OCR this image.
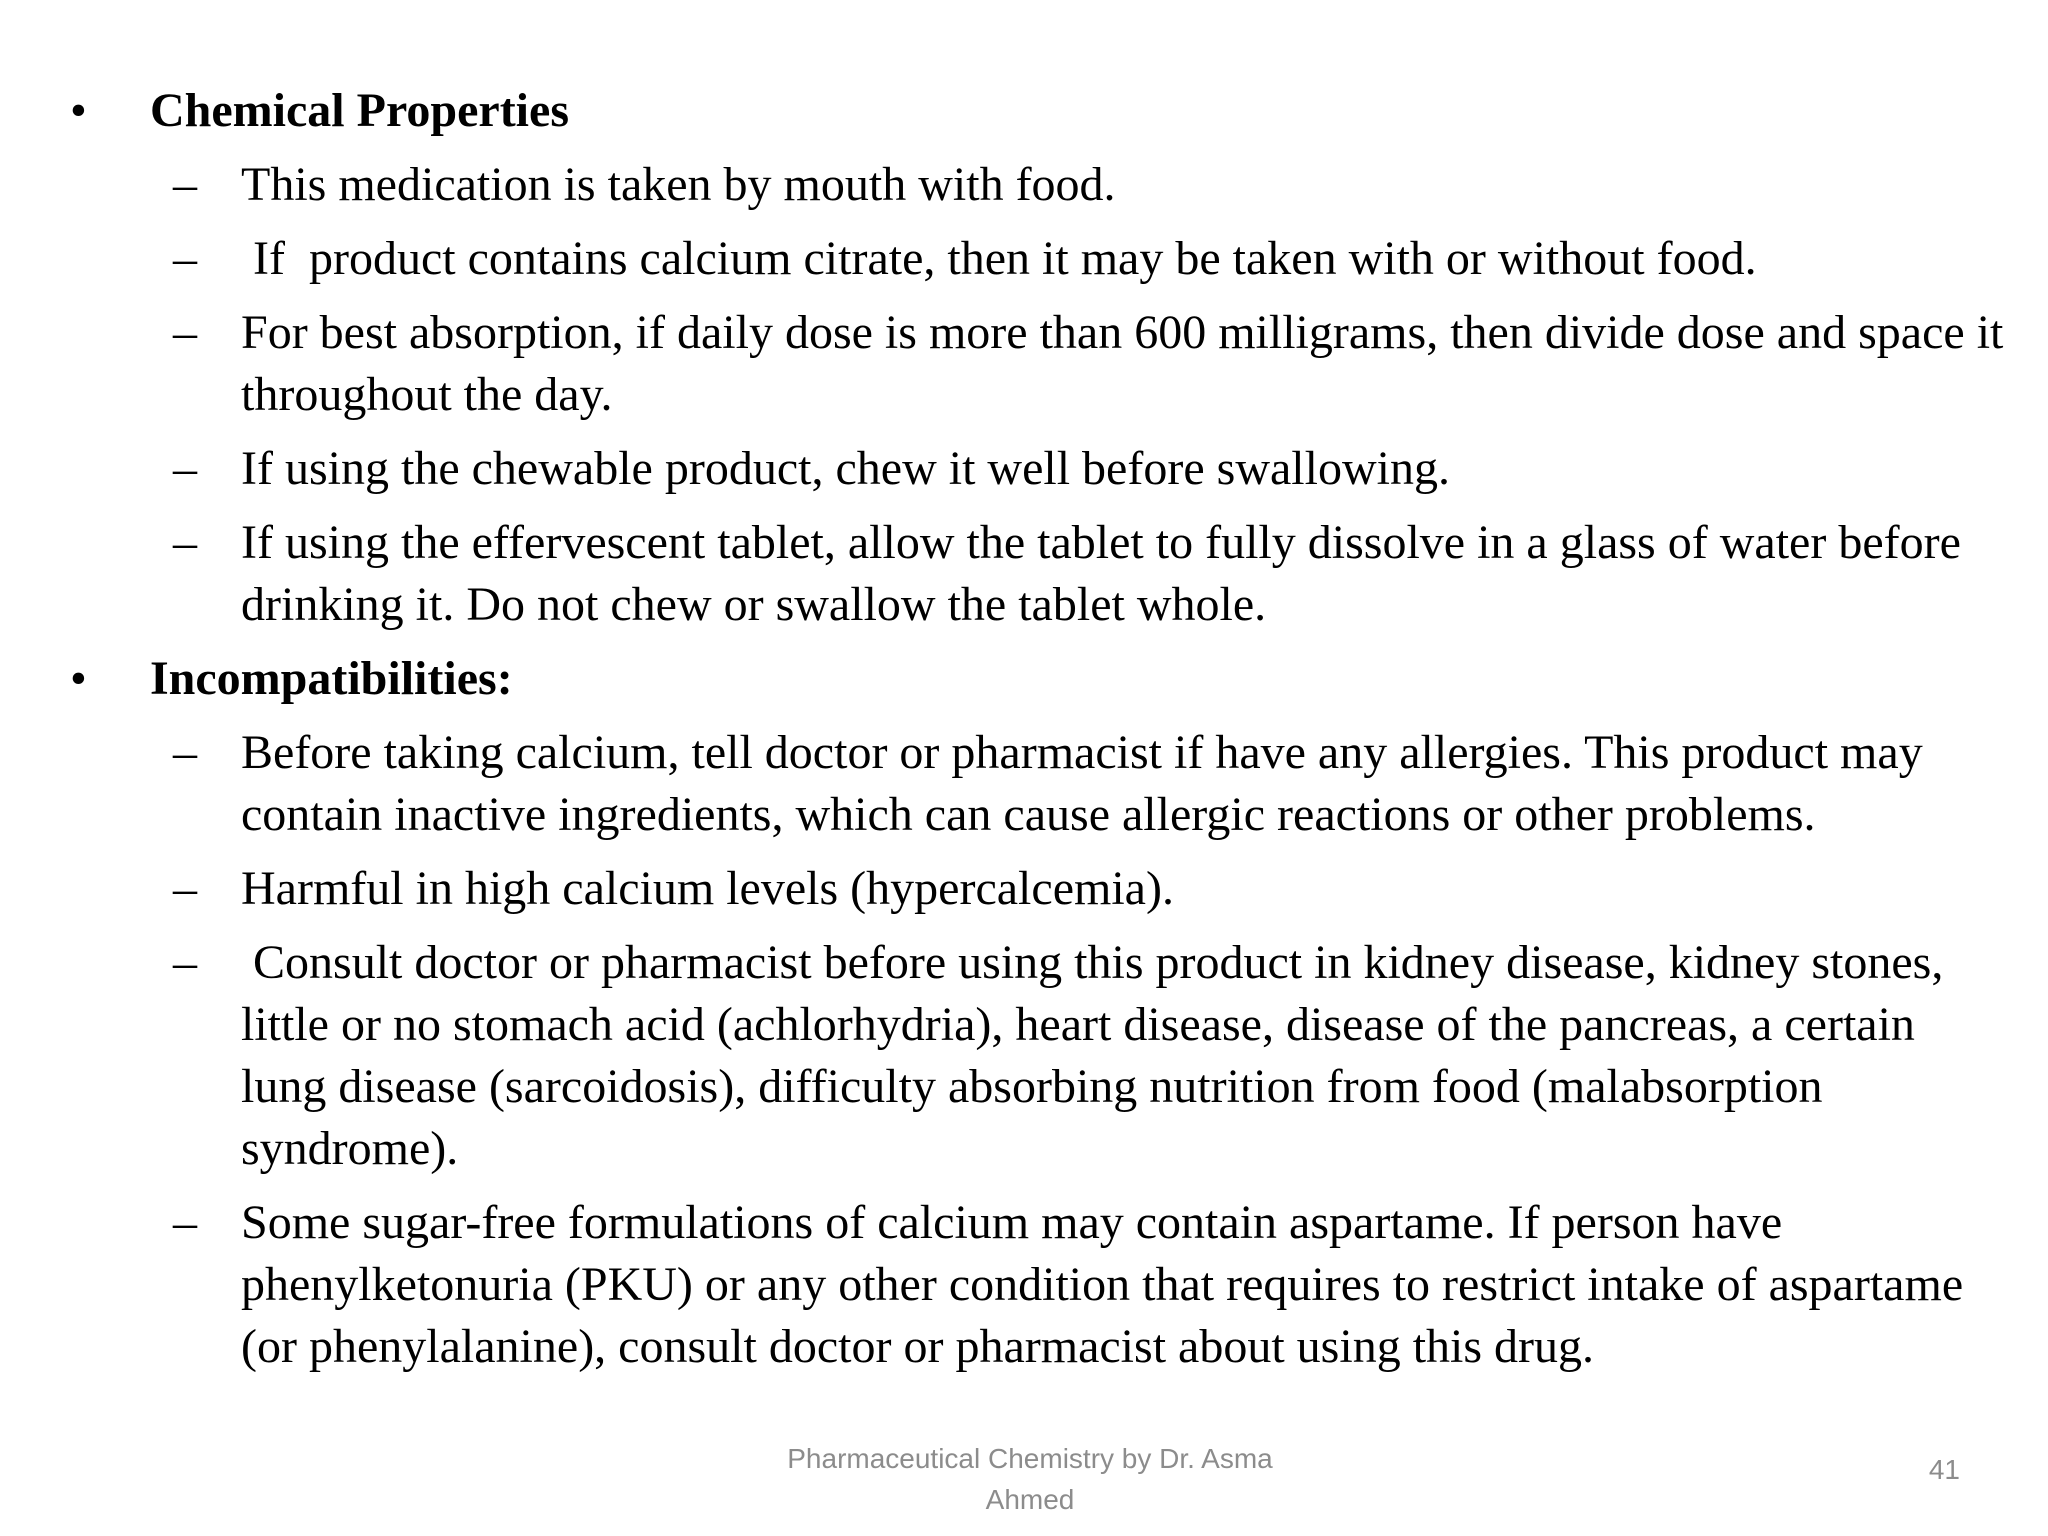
•	Chemical Properties
– This medication is taken by mouth with food.
– If  product contains calcium citrate, then it may be taken with or without food.
– For best absorption, if daily dose is more than 600 milligrams, then divide dose and space it throughout the day.
– If using the chewable product, chew it well before swallowing.
– If using the effervescent tablet, allow the tablet to fully dissolve in a glass of water before drinking it. Do not chew or swallow the tablet whole.
•	Incompatibilities:
– Before taking calcium, tell doctor or pharmacist if have any allergies. This product may contain inactive ingredients, which can cause allergic reactions or other problems.
– Harmful in high calcium levels (hypercalcemia).
– Consult doctor or pharmacist before using this product in kidney disease, kidney stones, little or no stomach acid (achlorhydria), heart disease, disease of the pancreas, a certain lung disease (sarcoidosis), difficulty absorbing nutrition from food (malabsorption syndrome).
– Some sugar-free formulations of calcium may contain aspartame. If person have phenylketonuria (PKU) or any other condition that requires to restrict intake of aspartame (or phenylalanine), consult doctor or pharmacist about using this drug.
Pharmaceutical Chemistry by Dr. Asma
Ahmed
41
